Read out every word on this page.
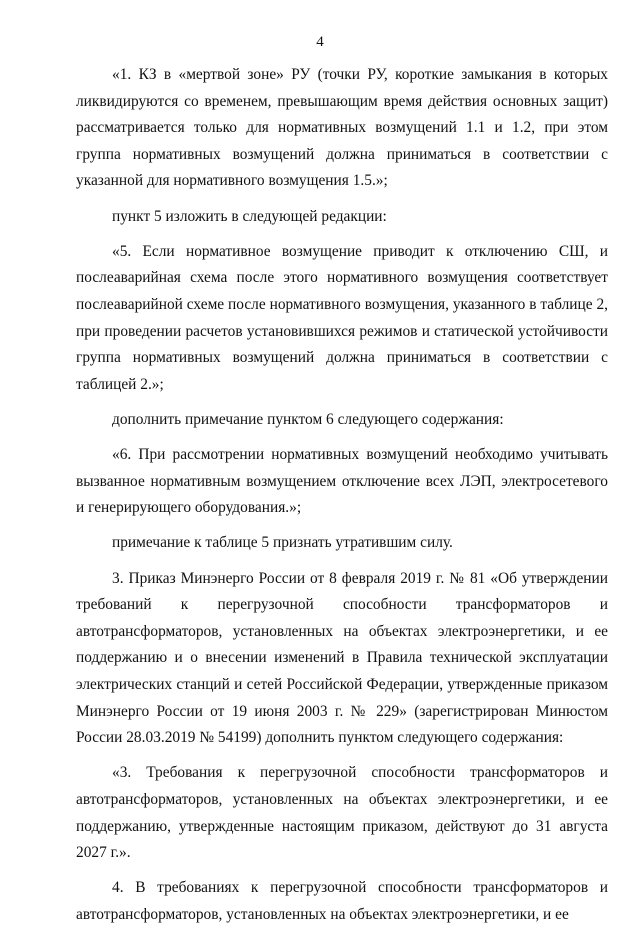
4

«1. КЗ в «мертвой зоне» РУ (точки РУ, короткие замыкания в которых ликвидируются со временем, превышающим время действия основных защит) рассматривается только для нормативных возмущений 1.1 и 1.2, при этом группа нормативных возмущений должна приниматься в соответствии с указанной для нормативного возмущения 1.5.»;

пункт 5 изложить в следующей редакции:

«5. Если нормативное возмущение приводит к отключению СШ, и послеаварийная схема после этого нормативного возмущения соответствует послеаварийной схеме после нормативного возмущения, указанного в таблице 2, при проведении расчетов установившихся режимов и статической устойчивости группа нормативных возмущений должна приниматься в соответствии с таблицей 2.»;

дополнить примечание пунктом 6 следующего содержания:

«6. При рассмотрении нормативных возмущений необходимо учитывать вызванное нормативным возмущением отключение всех ЛЭП, электросетевого и генерирующего оборудования.»;

примечание к таблице 5 признать утратившим силу.

3. Приказ Минэнерго России от 8 февраля 2019 г. № 81 «Об утверждении требований к перегрузочной способности трансформаторов и автотрансформаторов, установленных на объектах электроэнергетики, и ее поддержанию и о внесении изменений в Правила технической эксплуатации электрических станций и сетей Российской Федерации, утвержденные приказом Минэнерго России от 19 июня 2003 г. № 229» (зарегистрирован Минюстом России 28.03.2019 № 54199) дополнить пунктом следующего содержания:

«3. Требования к перегрузочной способности трансформаторов и автотрансформаторов, установленных на объектах электроэнергетики, и ее поддержанию, утвержденные настоящим приказом, действуют до 31 августа 2027 г.».

4. В требованиях к перегрузочной способности трансформаторов и автотрансформаторов, установленных на объектах электроэнергетики, и ее
